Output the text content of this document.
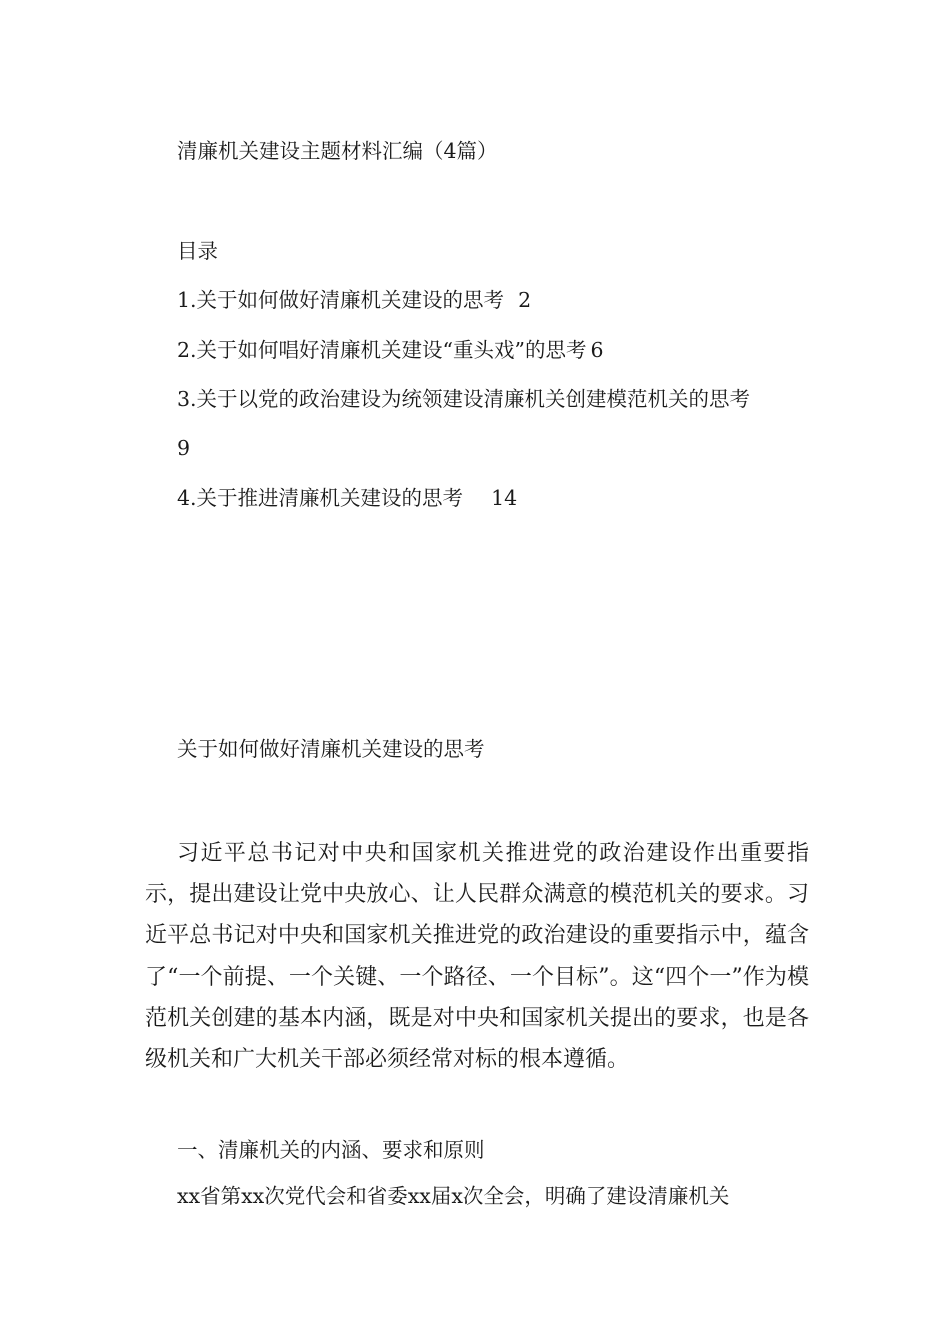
清廉机关建设主题材料汇编（4篇）
目录
1.关于如何做好清廉机关建设的思考 2
2.关于如何唱好清廉机关建设“重头戏”的思考 6
3.关于以党的政治建设为统领建设清廉机关创建模范机关的思考
9
4.关于推进清廉机关建设的思考 14
关于如何做好清廉机关建设的思考

习近平总书记对中央和国家机关推进党的政治建设作出重要指示，提出建设让党中央放心、让人民群众满意的模范机关的要求。习近平总书记对中央和国家机关推进党的政治建设的重要指示中，蕴含了“一个前提、一个关键、一个路径、一个目标”。这“四个一”作为模范机关创建的基本内涵，既是对中央和国家机关提出的要求，也是各级机关和广大机关干部必须经常对标的根本遵循。

一、清廉机关的内涵、要求和原则
xx省第xx次党代会和省委xx届x次全会，明确了建设清廉机关
